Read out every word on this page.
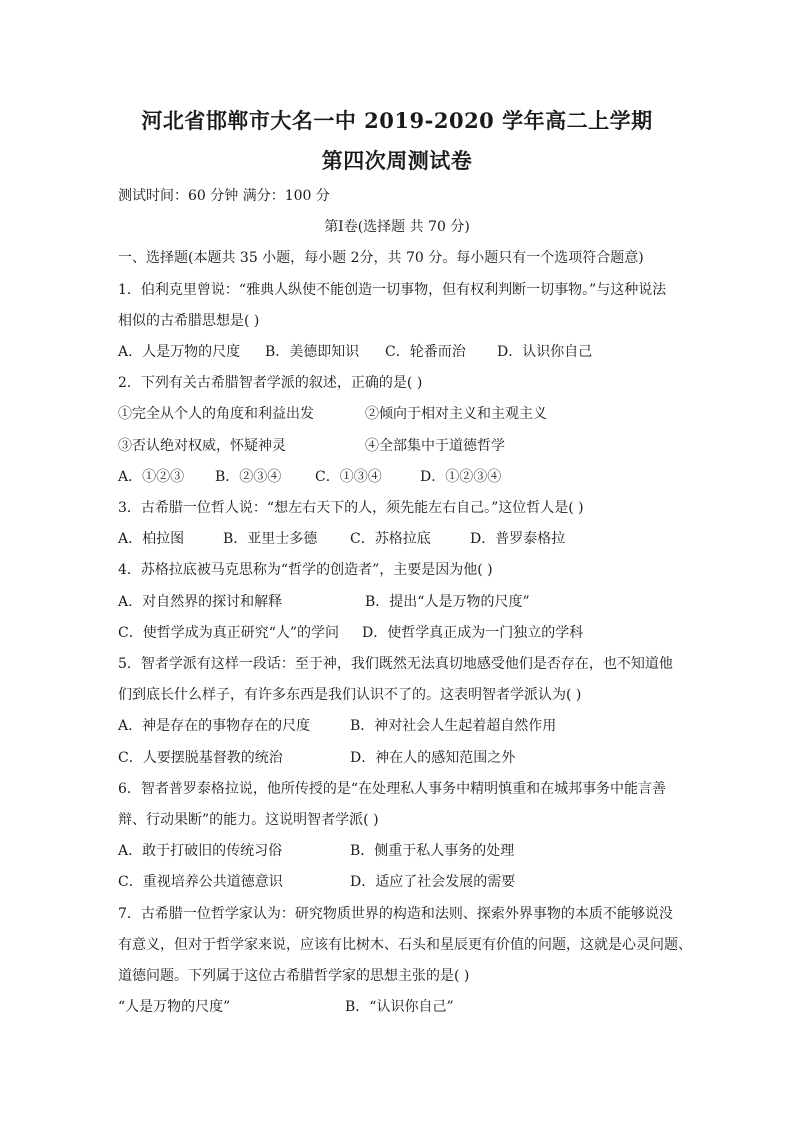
河北省邯郸市大名一中 2019-2020 学年高二上学期
第四次周测试卷
测试时间：60 分钟 满分：100 分
第Ⅰ卷(选择题 共 70 分)
一、选择题(本题共 35 小题，每小题 2分，共 70 分。每小题只有一个选项符合题意)
1．伯利克里曾说：“雅典人纵使不能创造一切事物，但有权利判断一切事物。”与这种说法
相似的古希腊思想是( )
A．人是万物的尺度 B．美德即知识 C．轮番而治 D．认识你自己
2．下列有关古希腊智者学派的叙述，正确的是( )
①完全从个人的角度和利益出发	②倾向于相对主义和主观主义
③否认绝对权威，怀疑神灵	④全部集中于道德哲学
A．①②③ B．②③④ C．①③④	D．①②③④
3．古希腊一位哲人说：“想左右天下的人，须先能左右自己。”这位哲人是( )
A．柏拉图	B．亚里士多德 C．苏格拉底	D．普罗泰格拉
4．苏格拉底被马克思称为“哲学的创造者”，主要是因为他( )
A．对自然界的探讨和解释	B．提出“人是万物的尺度”
C．使哲学成为真正研究“人”的学问 D．使哲学真正成为一门独立的学科
5．智者学派有这样一段话：至于神，我们既然无法真切地感受他们是否存在，也不知道他
们到底长什么样子，有许多东西是我们认识不了的。这表明智者学派认为( )
A．神是存在的事物存在的尺度	B．神对社会人生起着超自然作用
C．人要摆脱基督教的统治	D．神在人的感知范围之外
6．智者普罗泰格拉说，他所传授的是“在处理私人事务中精明慎重和在城邦事务中能言善
辩、行动果断”的能力。这说明智者学派( )
A．敢于打破旧的传统习俗	B．侧重于私人事务的处理
C．重视培养公共道德意识	D．适应了社会发展的需要
7．古希腊一位哲学家认为：研究物质世界的构造和法则、探索外界事物的本质不能够说没
有意义，但对于哲学家来说，应该有比树木、石头和星辰更有价值的问题，这就是心灵问题、
道德问题。下列属于这位古希腊哲学家的思想主张的是( )
“人是万物的尺度”	B．“认识你自己”
